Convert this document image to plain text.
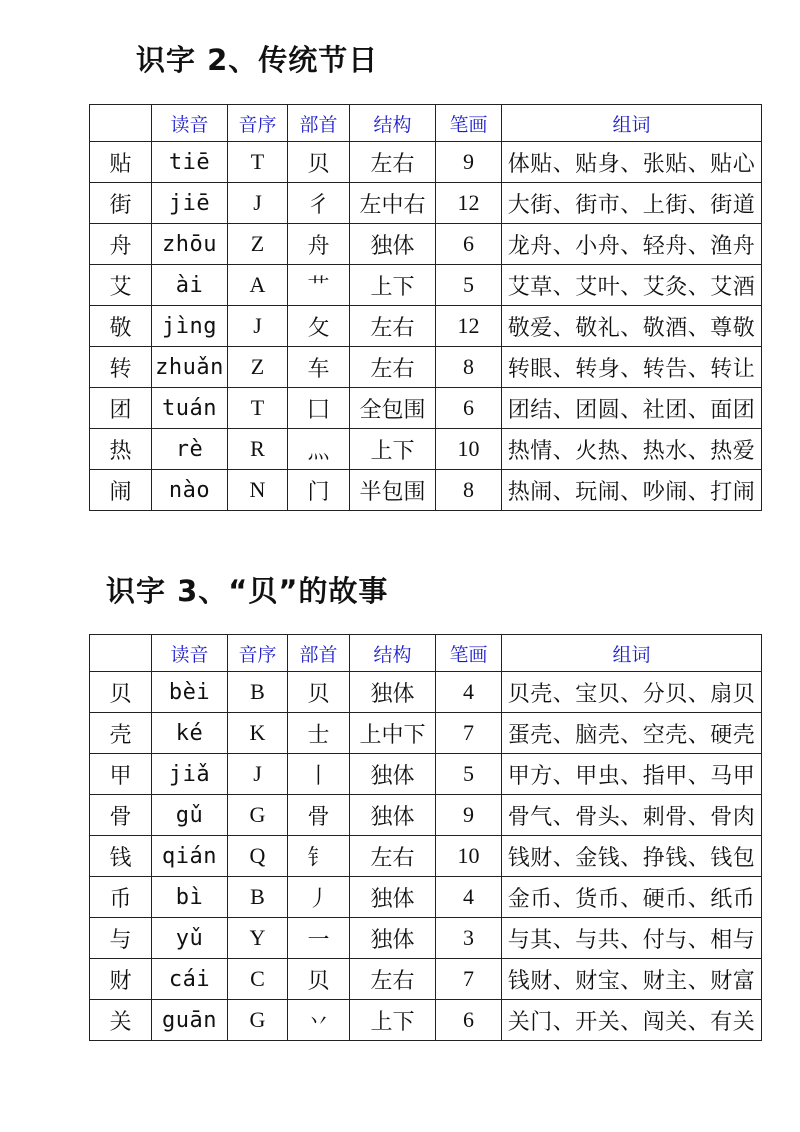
识字 2、传统节日
	读音	音序	部首	结构	笔画	组词
贴	tiē	T	贝	左右	9	体贴、贴身、张贴、贴心
街	jiē	J	彳	左中右	12	大街、街市、上街、街道
舟	zhōu	Z	舟	独体	6	龙舟、小舟、轻舟、渔舟
艾	ài	A	艹	上下	5	艾草、艾叶、艾灸、艾酒
敬	jìng	J	攵	左右	12	敬爱、敬礼、敬酒、尊敬
转	zhuǎn	Z	车	左右	8	转眼、转身、转告、转让
团	tuán	T	囗	全包围	6	团结、团圆、社团、面团
热	rè	R	灬	上下	10	热情、火热、热水、热爱
闹	nào	N	门	半包围	8	热闹、玩闹、吵闹、打闹
识字 3、“贝”的故事
	读音	音序	部首	结构	笔画	组词
贝	bèi	B	贝	独体	4	贝壳、宝贝、分贝、扇贝
壳	ké	K	士	上中下	7	蛋壳、脑壳、空壳、硬壳
甲	jiǎ	J	丨	独体	5	甲方、甲虫、指甲、马甲
骨	gǔ	G	骨	独体	9	骨气、骨头、刺骨、骨肉
钱	qián	Q	钅	左右	10	钱财、金钱、挣钱、钱包
币	bì	B	丿	独体	4	金币、货币、硬币、纸币
与	yǔ	Y	一	独体	3	与其、与共、付与、相与
财	cái	C	贝	左右	7	钱财、财宝、财主、财富
关	guān	G	丷	上下	6	关门、开关、闯关、有关
